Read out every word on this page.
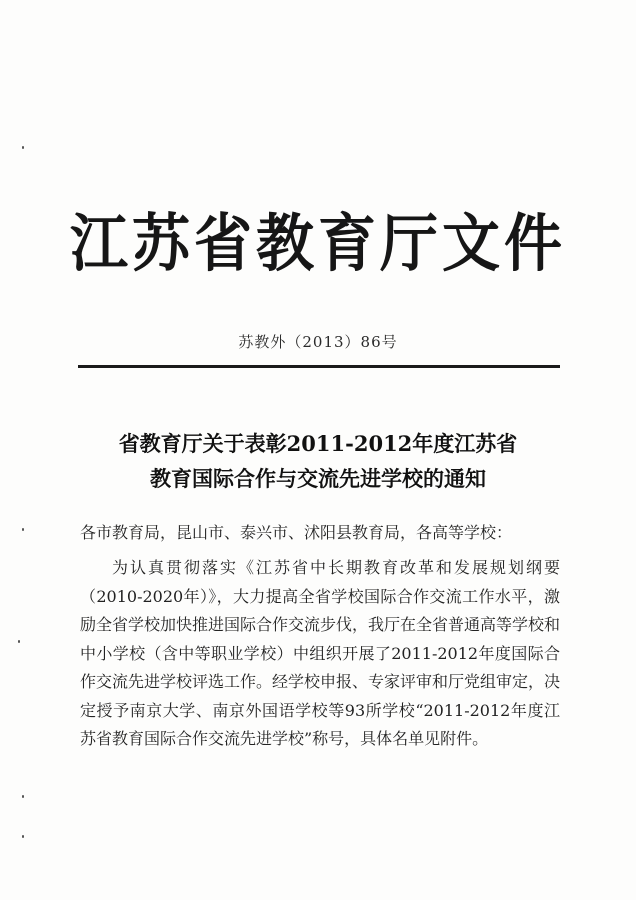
江苏省教育厅文件
苏教外（2013）86号
省教育厅关于表彰2011-2012年度江苏省
教育国际合作与交流先进学校的通知
各市教育局，昆山市、泰兴市、沭阳县教育局，各高等学校：
为认真贯彻落实《江苏省中长期教育改革和发展规划纲要（2010-2020年）》，大力提高全省学校国际合作交流工作水平，激励全省学校加快推进国际合作交流步伐，我厅在全省普通高等学校和中小学校（含中等职业学校）中组织开展了2011-2012年度国际合作交流先进学校评选工作。经学校申报、专家评审和厅党组审定，决定授予南京大学、南京外国语学校等93所学校“2011-2012年度江苏省教育国际合作交流先进学校”称号，具体名单见附件。
